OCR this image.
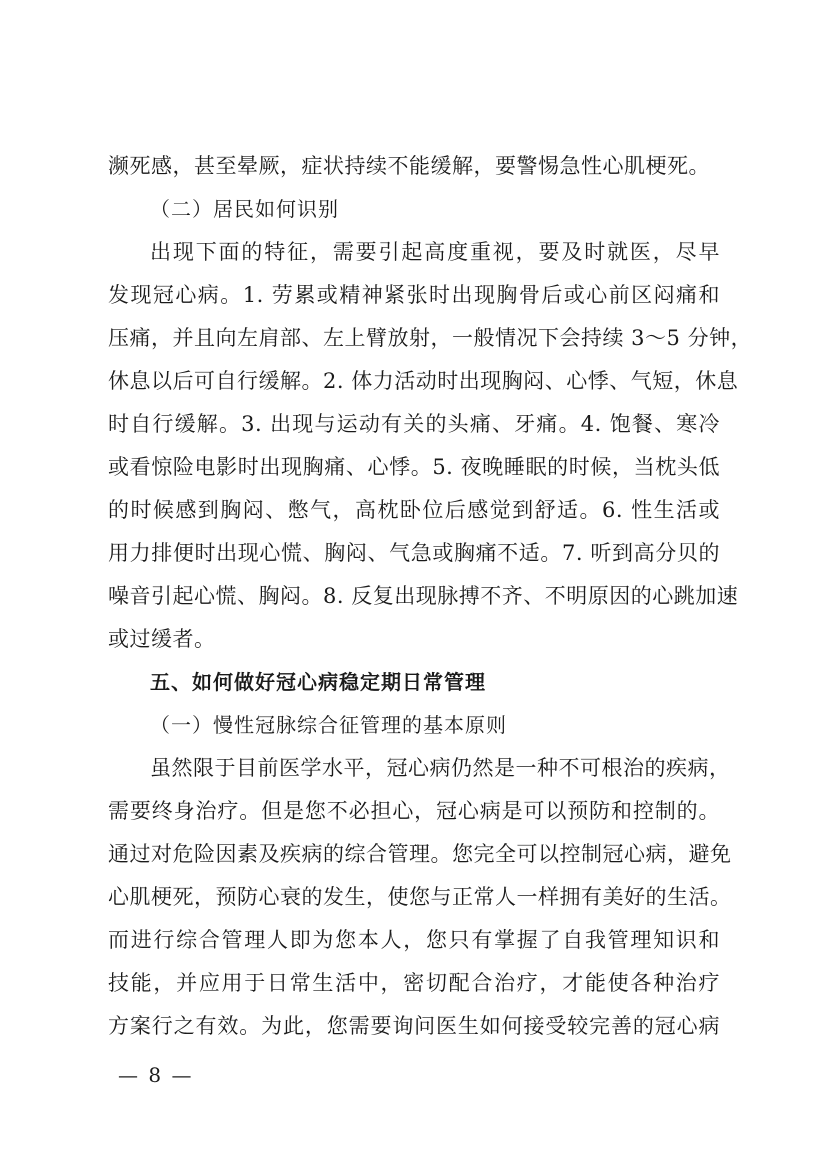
濒死感，甚至晕厥，症状持续不能缓解，要警惕急性心肌梗死。
（二）居民如何识别
出现下面的特征，需要引起高度重视，要及时就医，尽早
发现冠心病。1. 劳累或精神紧张时出现胸骨后或心前区闷痛和
压痛，并且向左肩部、左上臂放射，一般情况下会持续 3～5 分钟，
休息以后可自行缓解。2. 体力活动时出现胸闷、心悸、气短，休息
时自行缓解。3. 出现与运动有关的头痛、牙痛。4. 饱餐、寒冷
或看惊险电影时出现胸痛、心悸。5. 夜晚睡眠的时候，当枕头低
的时候感到胸闷、憋气，高枕卧位后感觉到舒适。6. 性生活或
用力排便时出现心慌、胸闷、气急或胸痛不适。7. 听到高分贝的
噪音引起心慌、胸闷。8. 反复出现脉搏不齐、不明原因的心跳加速
或过缓者。
五、如何做好冠心病稳定期日常管理
（一）慢性冠脉综合征管理的基本原则
虽然限于目前医学水平，冠心病仍然是一种不可根治的疾病，
需要终身治疗。但是您不必担心，冠心病是可以预防和控制的。
通过对危险因素及疾病的综合管理。您完全可以控制冠心病，避免
心肌梗死，预防心衰的发生，使您与正常人一样拥有美好的生活。
而进行综合管理人即为您本人，您只有掌握了自我管理知识和
技能，并应用于日常生活中，密切配合治疗，才能使各种治疗
方案行之有效。为此，您需要询问医生如何接受较完善的冠心病
— 8 —
